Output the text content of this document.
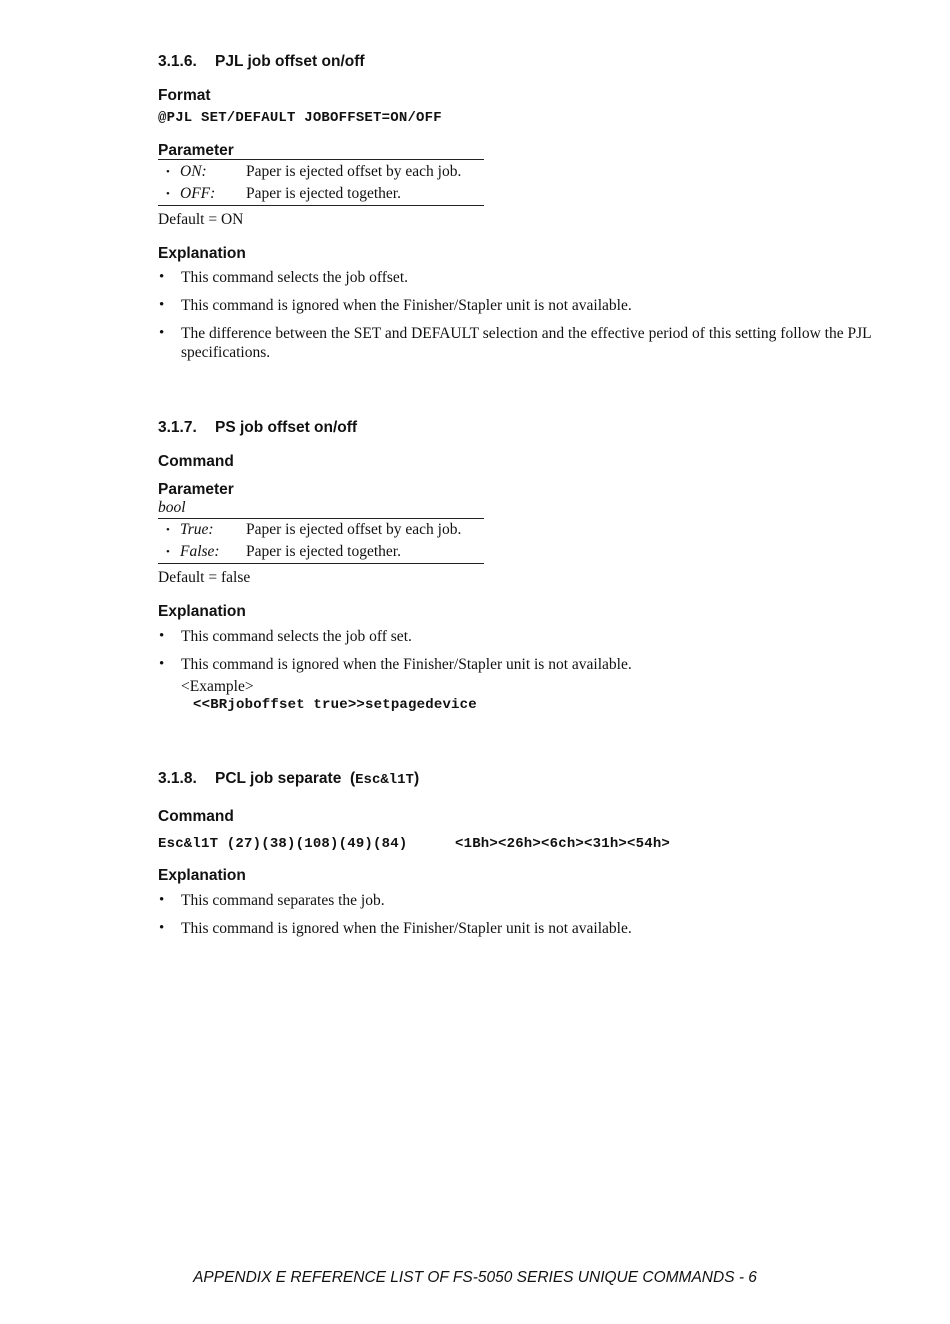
3.1.6. PJL job offset on/off
Format
@PJL SET/DEFAULT JOBOFFSET=ON/OFF
Parameter
• ON:	Paper is ejected offset by each job.
• OFF: Paper is ejected together.
Default = ON
Explanation
• This command selects the job offset.
• This command is ignored when the Finisher/Stapler unit is not available.
• The difference between the SET and DEFAULT selection and the effective period of this setting follow the PJL specifications.
3.1.7. PS job offset on/off
Command
Parameter
bool
• True: Paper is ejected offset by each job.
• False: Paper is ejected together.
Default = false
Explanation
• This command selects the job off set.
• This command is ignored when the Finisher/Stapler unit is not available.
<Example>
<<BRjoboffset true>>setpagedevice
3.1.8. PCL job separate (Esc&l1T)
Command
Esc&l1T (27)(38)(108)(49)(84)	<1Bh><26h><6ch><31h><54h>
Explanation
• This command separates the job.
• This command is ignored when the Finisher/Stapler unit is not available.
APPENDIX E REFERENCE LIST OF FS-5050 SERIES UNIQUE COMMANDS - 6
